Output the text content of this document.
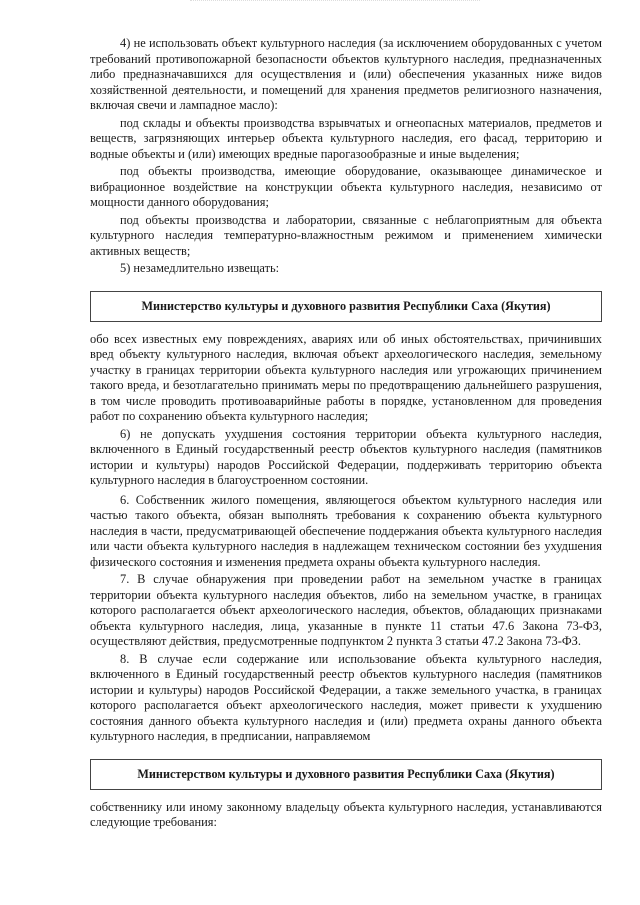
4) не использовать объект культурного наследия (за исключением оборудованных с учетом требований противопожарной безопасности объектов культурного наследия, предназначенных либо предназначавшихся для осуществления и (или) обеспечения указанных ниже видов хозяйственной деятельности, и помещений для хранения предметов религиозного назначения, включая свечи и лампадное масло):

под склады и объекты производства взрывчатых и огнеопасных материалов, предметов и веществ, загрязняющих интерьер объекта культурного наследия, его фасад, территорию и водные объекты и (или) имеющих вредные парогазообразные и иные выделения;

под объекты производства, имеющие оборудование, оказывающее динамическое и вибрационное воздействие на конструкции объекта культурного наследия, независимо от мощности данного оборудования;

под объекты производства и лаборатории, связанные с неблагоприятным для объекта культурного наследия температурно-влажностным режимом и применением химически активных веществ;

5) незамедлительно извещать:

Министерство культуры и духовного развития Республики Саха (Якутия)

обо всех известных ему повреждениях, авариях или об иных обстоятельствах, причинивших вред объекту культурного наследия, включая объект археологического наследия, земельному участку в границах территории объекта культурного наследия или угрожающих причинением такого вреда, и безотлагательно принимать меры по предотвращению дальнейшего разрушения, в том числе проводить противоаварийные работы в порядке, установленном для проведения работ по сохранению объекта культурного наследия;

6) не допускать ухудшения состояния территории объекта культурного наследия, включенного в Единый государственный реестр объектов культурного наследия (памятников истории и культуры) народов Российской Федерации, поддерживать территорию объекта культурного наследия в благоустроенном состоянии.

6. Собственник жилого помещения, являющегося объектом культурного наследия или частью такого объекта, обязан выполнять требования к сохранению объекта культурного наследия в части, предусматривающей обеспечение поддержания объекта культурного наследия или части объекта культурного наследия в надлежащем техническом состоянии без ухудшения физического состояния и изменения предмета охраны объекта культурного наследия.

7. В случае обнаружения при проведении работ на земельном участке в границах территории объекта культурного наследия объектов, либо на земельном участке, в границах которого располагается объект археологического наследия, объектов, обладающих признаками объекта культурного наследия, лица, указанные в пункте 11 статьи 47.6 Закона 73-ФЗ, осуществляют действия, предусмотренные подпунктом 2 пункта 3 статьи 47.2 Закона 73-ФЗ.

8. В случае если содержание или использование объекта культурного наследия, включенного в Единый государственный реестр объектов культурного наследия (памятников истории и культуры) народов Российской Федерации, а также земельного участка, в границах которого располагается объект археологического наследия, может привести к ухудшению состояния данного объекта культурного наследия и (или) предмета охраны данного объекта культурного наследия, в предписании, направляемом

Министерством культуры и духовного развития Республики Саха (Якутия)

собственнику или иному законному владельцу объекта культурного наследия, устанавливаются следующие требования:
